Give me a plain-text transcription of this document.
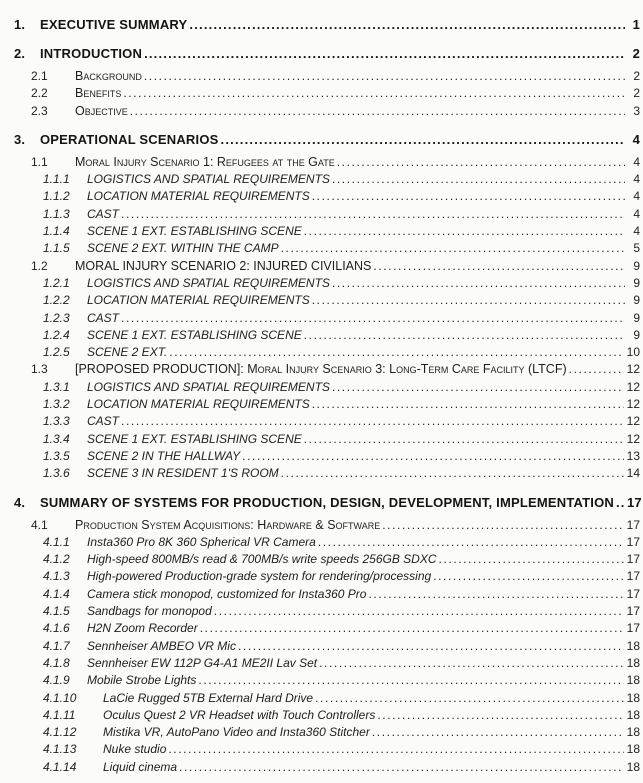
1.	EXECUTIVE SUMMARY .....	1
2.	INTRODUCTION .....	2
2.1	Background .....	2
2.2	Benefits .....	2
2.3	Objective .....	3
3.	OPERATIONAL SCENARIOS .....	4
1.1	Moral Injury Scenario 1: Refugees at the Gate .....	4
1.1.1	LOGISTICS AND SPATIAL REQUIREMENTS .....	4
1.1.2	LOCATION MATERIAL REQUIREMENTS .....	4
1.1.3	CAST .....	4
1.1.4	SCENE 1 EXT. ESTABLISHING SCENE .....	4
1.1.5	SCENE 2 EXT. WITHIN THE CAMP .....	5
1.2	MORAL INJURY SCENARIO 2: INJURED CIVILIANS .....	9
1.2.1	LOGISTICS AND SPATIAL REQUIREMENTS .....	9
1.2.2	LOCATION MATERIAL REQUIREMENTS .....	9
1.2.3	CAST .....	9
1.2.4	SCENE 1 EXT. ESTABLISHING SCENE .....	9
1.2.5	SCENE 2 EXT. .....	10
1.3	[PROPOSED PRODUCTION]: Moral Injury Scenario 3: Long-Term Care Facility (LTCF) .....	12
1.3.1	LOGISTICS AND SPATIAL REQUIREMENTS .....	12
1.3.2	LOCATION MATERIAL REQUIREMENTS .....	12
1.3.3	CAST .....	12
1.3.4	SCENE 1 EXT. ESTABLISHING SCENE .....	12
1.3.5	SCENE 2 IN THE HALLWAY .....	13
1.3.6	SCENE 3 IN RESIDENT 1'S ROOM .....	14
4.	SUMMARY OF SYSTEMS FOR PRODUCTION, DESIGN, DEVELOPMENT, IMPLEMENTATION ..... 17
4.1	Production System Acquisitions: Hardware & Software .....	17
4.1.1	Insta360 Pro 8K 360 Spherical VR Camera .....	17
4.1.2	High-speed 800MB/s read & 700MB/s write speeds 256GB SDXC .....	17
4.1.3	High-powered Production-grade system for rendering/processing .....	17
4.1.4	Camera stick monopod, customized for Insta360 Pro .....	17
4.1.5	Sandbags for monopod .....	17
4.1.6	H2N Zoom Recorder .....	17
4.1.7	Sennheiser AMBEO VR Mic .....	18
4.1.8	Sennheiser EW 112P G4-A1 ME2II Lav Set .....	18
4.1.9	Mobile Strobe Lights .....	18
4.1.10	LaCie Rugged 5TB External Hard Drive .....	18
4.1.11	Oculus Quest 2 VR Headset with Touch Controllers .....	18
4.1.12	Mistika VR, AutoPano Video and Insta360 Stitcher .....	18
4.1.13	Nuke studio .....	18
4.1.14	Liquid cinema .....	18
